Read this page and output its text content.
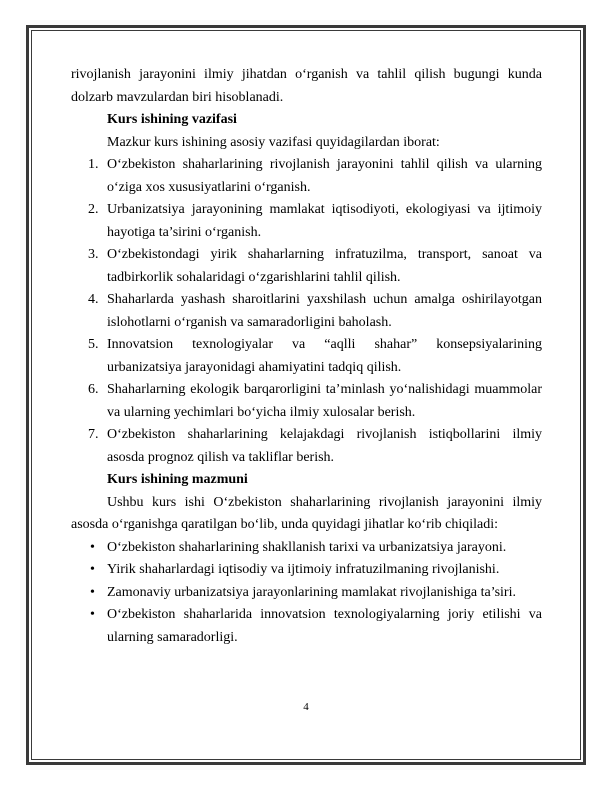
rivojlanish jarayonini ilmiy jihatdan o‘rganish va tahlil qilish bugungi kunda

dolzarb mavzulardan biri hisoblanadi.

Kurs ishining vazifasi

Mazkur kurs ishining asosiy vazifasi quyidagilardan iborat:

1. O‘zbekiston shaharlarining rivojlanish jarayonini tahlil qilish va ularning

o‘ziga xos xususiyatlarini o‘rganish.

2. Urbanizatsiya jarayonining mamlakat iqtisodiyoti, ekologiyasi va ijtimoiy

hayotiga ta’sirini o‘rganish.

3. O‘zbekistondagi yirik shaharlarning infratuzilma, transport, sanoat va

tadbirkorlik sohalaridagi o‘zgarishlarini tahlil qilish.

4. Shaharlarda yashash sharoitlarini yaxshilash uchun amalga oshirilayotgan

islohotlarni o‘rganish va samaradorligini baholash.

5. Innovatsion texnologiyalar va “aqlli shahar” konsepsiyalarining

urbanizatsiya jarayonidagi ahamiyatini tadqiq qilish.

6. Shaharlarning ekologik barqarorligini ta’minlash yo‘nalishidagi muammolar

va ularning yechimlari bo‘yicha ilmiy xulosalar berish.

7. O‘zbekiston shaharlarining kelajakdagi rivojlanish istiqbollarini ilmiy

asosda prognoz qilish va takliflar berish.

Kurs ishining mazmuni

Ushbu kurs ishi O‘zbekiston shaharlarining rivojlanish jarayonini ilmiy

asosda o‘rganishga qaratilgan bo‘lib, unda quyidagi jihatlar ko‘rib chiqiladi:

• O‘zbekiston shaharlarining shakllanish tarixi va urbanizatsiya jarayoni.

• Yirik shaharlardagi iqtisodiy va ijtimoiy infratuzilmaning rivojlanishi.

• Zamonaviy urbanizatsiya jarayonlarining mamlakat rivojlanishiga ta’siri.

• O‘zbekiston shaharlarida innovatsion texnologiyalarning joriy etilishi va

ularning samaradorligi.

4
